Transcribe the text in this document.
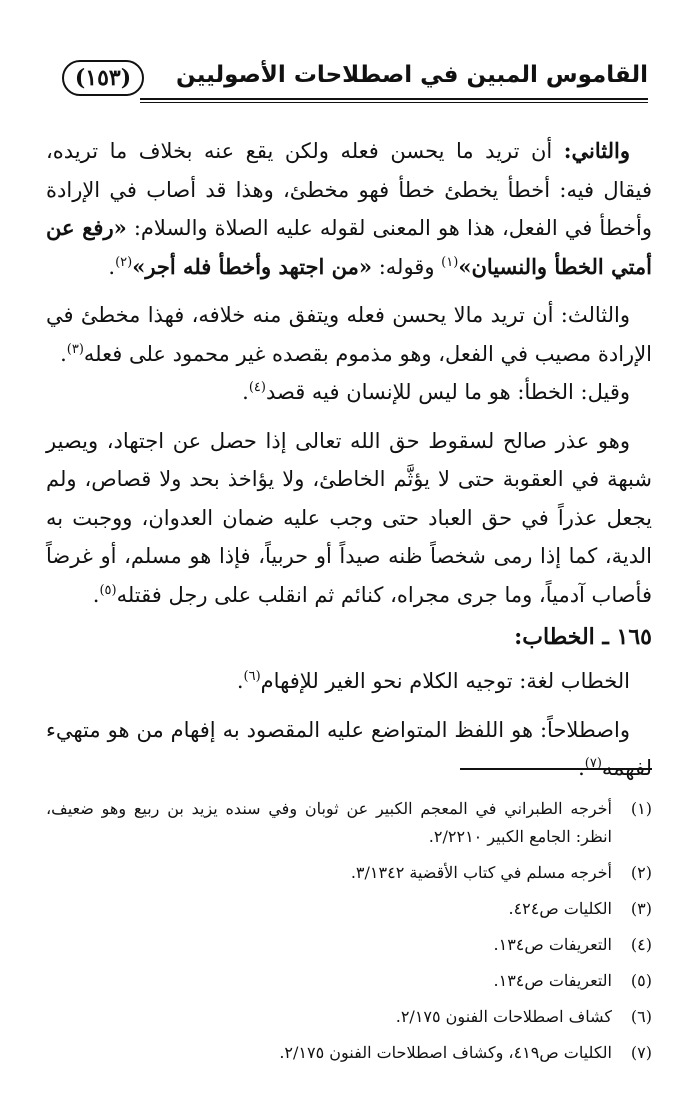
(١٥٣)	القاموس المبين في اصطلاحات الأصوليين

والثاني: أن تريد ما يحسن فعله ولكن يقع عنه بخلاف ما تريده، فيقال فيه: أخطأ يخطئ خطأ فهو مخطئ، وهذا قد أصاب في الإرادة وأخطأ في الفعل، هذا هو المعنى لقوله عليه الصلاة والسلام: «رفع عن أمتي الخطأ والنسيان»$^{(١)}$ وقوله: «من اجتهد وأخطأ فله أجر»$^{(٢)}$.

والثالث: أن تريد مالا يحسن فعله ويتفق منه خلافه، فهذا مخطئ في الإرادة مصيب في الفعل، وهو مذموم بقصده غير محمود على فعله$^{(٣)}$.

وقيل: الخطأ: هو ما ليس للإنسان فيه قصد$^{(٤)}$.

وهو عذر صالح لسقوط حق الله تعالى إذا حصل عن اجتهاد، ويصير شبهة في العقوبة حتى لا يؤثَّم الخاطئ، ولا يؤاخذ بحد ولا قصاص، ولم يجعل عذراً في حق العباد حتى وجب عليه ضمان العدوان، ووجبت به الدية، كما إذا رمى شخصاً ظنه صيداً أو حربياً، فإذا هو مسلم، أو غرضاً فأصاب آدمياً، وما جرى مجراه، كنائم ثم انقلب على رجل فقتله$^{(٥)}$.

١٦٥ ـ الخطاب:

الخطاب لغة: توجيه الكلام نحو الغير للإفهام$^{(٦)}$.

واصطلاحاً: هو اللفظ المتواضع عليه المقصود به إفهام من هو متهيء لفهمه$^{(٧)}$.

(١)
أخرجه الطبراني في المعجم الكبير عن ثوبان وفي سنده يزيد بن ربيع وهو ضعيف، انظر: الجامع الكبير ٢/٢٢١٠.
(٢)
أخرجه مسلم في كتاب الأقضية ٣/١٣٤٢.
(٣)
الكليات ص٤٢٤.
(٤)
التعريفات ص١٣٤.
(٥)
التعريفات ص١٣٤.
(٦)
كشاف اصطلاحات الفنون ٢/١٧٥.
(٧)
الكليات ص٤١٩، وكشاف اصطلاحات الفنون ٢/١٧٥.
